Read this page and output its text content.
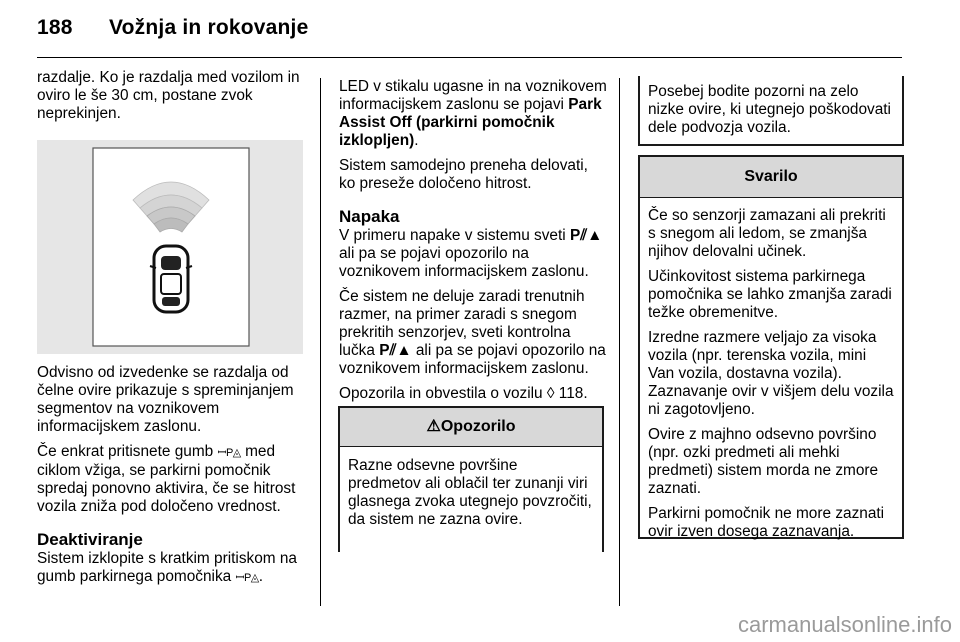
188 Vožnja in rokovanje

razdalje. Ko je razdalja med vozilom in oviro le še 30 cm, postane zvok neprekinjen.

Odvisno od izvedenke se razdalja od čelne ovire prikazuje s spreminjanjem segmentov na voznikovem informacijskem zaslonu.

Če enkrat pritisnete gumb ꟷP◬ med ciklom vžiga, se parkirni pomočnik spredaj ponovno aktivira, če se hitrost vozila zniža pod določeno vrednost.

Deaktiviranje

Sistem izklopite s kratkim pritiskom na gumb parkirnega pomočnika ꟷP◬.

LED v stikalu ugasne in na voznikovem informacijskem zaslonu se pojavi Park Assist Off (parkirni pomočnik izklopljen).

Sistem samodejno preneha delovati, ko preseže določeno hitrost.

Napaka

V primeru napake v sistemu sveti P⫽▲ ali pa se pojavi opozorilo na voznikovem informacijskem zaslonu.

Če sistem ne deluje zaradi trenutnih razmer, na primer zaradi s snegom prekritih senzorjev, sveti kontrolna lučka P⫽▲ ali pa se pojavi opozorilo na voznikovem informacijskem zaslonu.

Opozorila in obvestila o vozilu ◊ 118.

⚠Opozorilo

Razne odsevne površine predmetov ali oblačil ter zunanji viri glasnega zvoka utegnejo povzročiti, da sistem ne zazna ovire.

Posebej bodite pozorni na zelo nizke ovire, ki utegnejo poškodovati dele podvozja vozila.

Svarilo

Če so senzorji zamazani ali prekriti s snegom ali ledom, se zmanjša njihov delovalni učinek.

Učinkovitost sistema parkirnega pomočnika se lahko zmanjša zaradi težke obremenitve.

Izredne razmere veljajo za visoka vozila (npr. terenska vozila, mini Van vozila, dostavna vozila). Zaznavanje ovir v višjem delu vozila ni zagotovljeno.

Ovire z majhno odsevno površino (npr. ozki predmeti ali mehki predmeti) sistem morda ne zmore zaznati.

Parkirni pomočnik ne more zaznati ovir izven dosega zaznavanja.

carmanualsonline.info
